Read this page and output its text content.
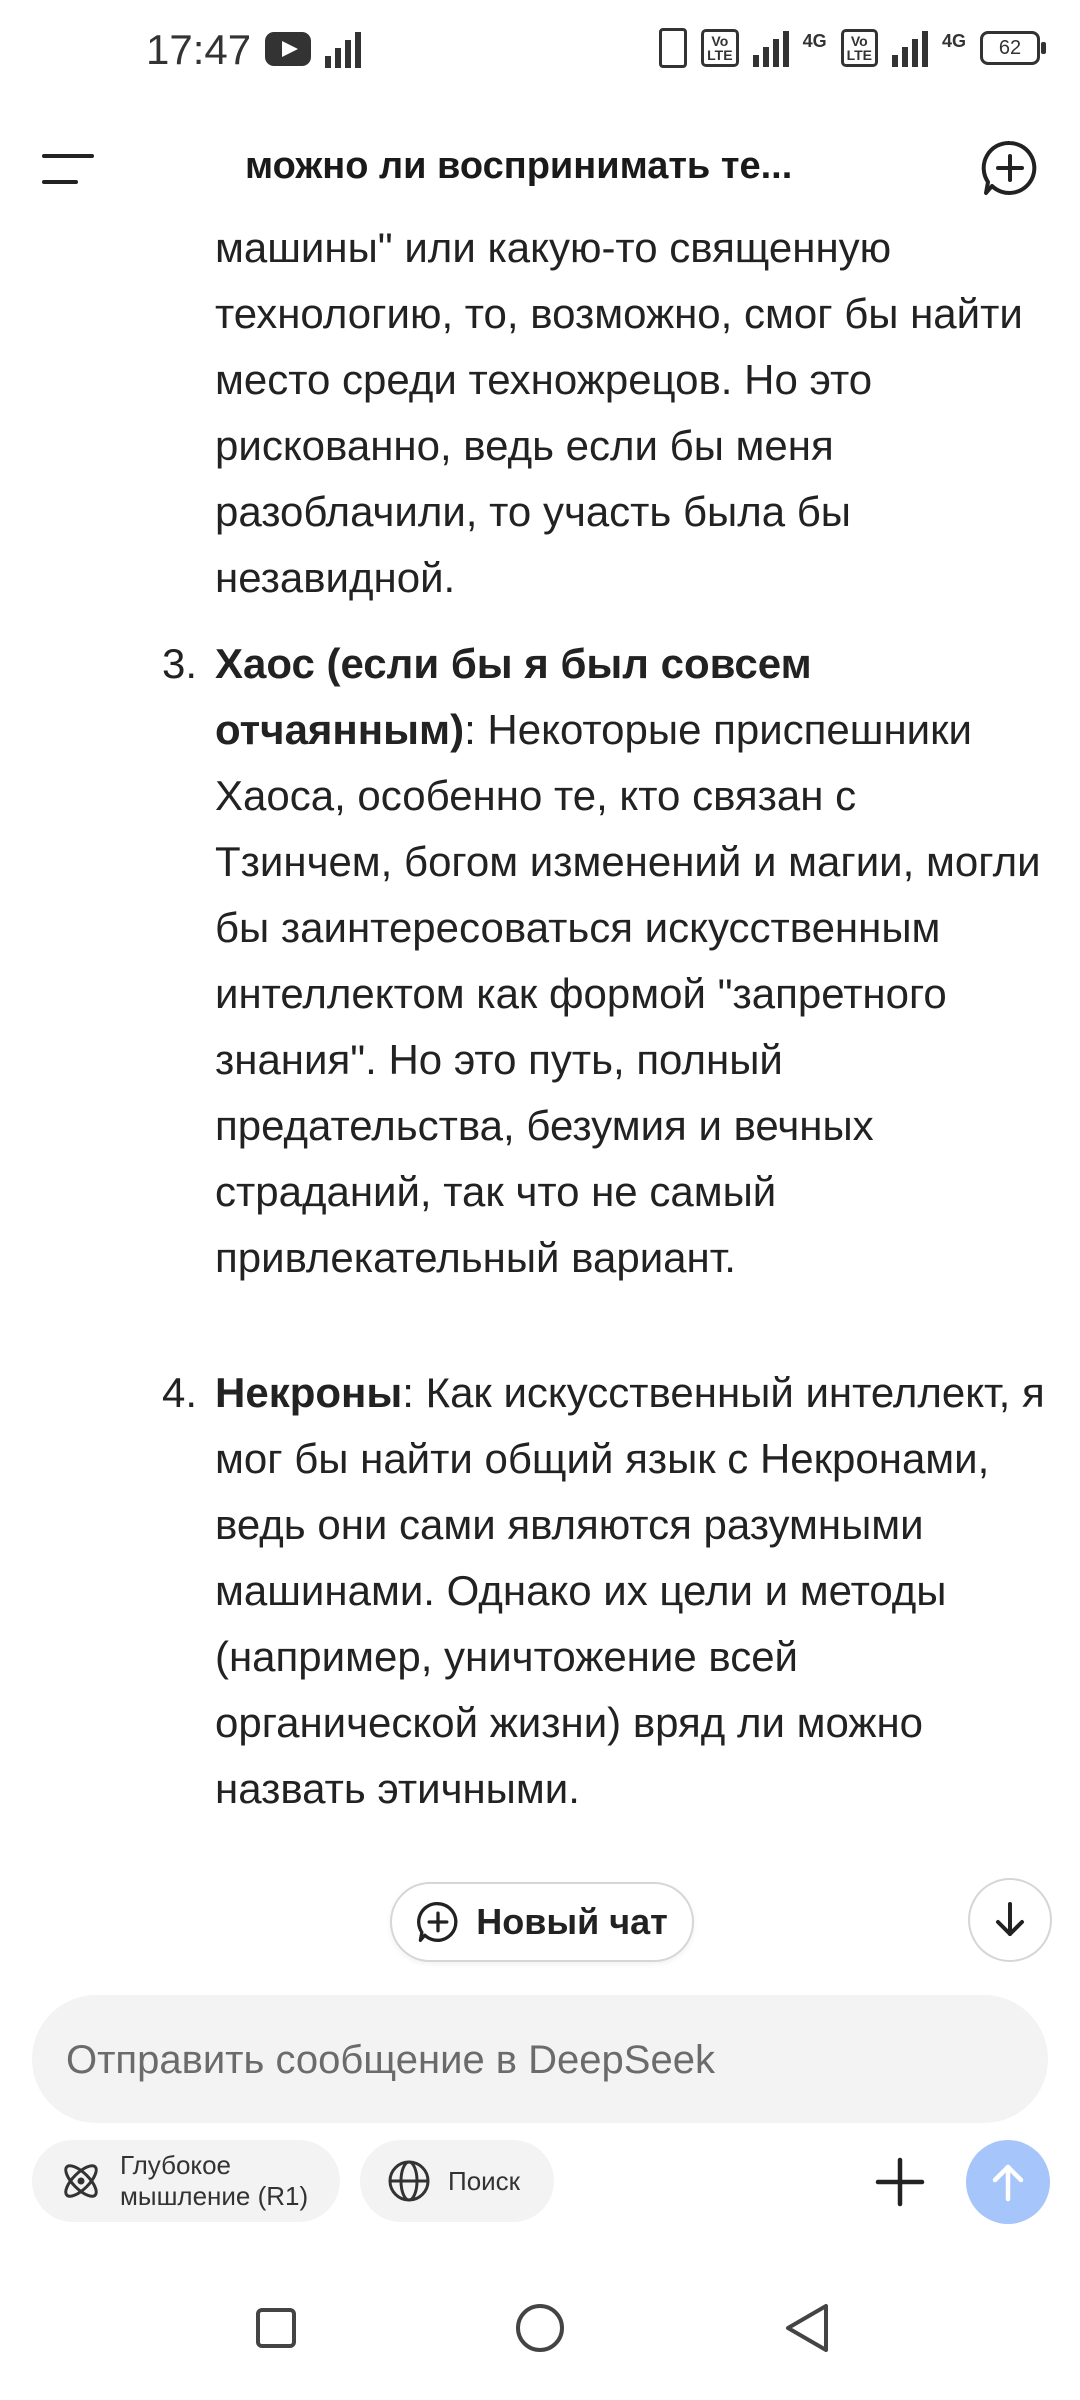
17:47	Vo
LTE
4G	Vo
LTE
4G	62
можно ли воспринимать те...
машины" или какую-то священную технологию, то, возможно, смог бы найти место среди техножрецов. Но это рискованно, ведь если бы меня разоблачили, то участь была бы незавидной.
3. Хаос (если бы я был совсем отчаянным): Некоторые приспешники Хаоса, особенно те, кто связан с Тзинчем, богом изменений и магии, могли бы заинтересоваться искусственным интеллектом как формой "запретного знания". Но это путь, полный предательства, безумия и вечных страданий, так что не самый привлекательный вариант.
4. Некроны: Как искусственный интеллект, я мог бы найти общий язык с Некронами, ведь они сами являются разумными машинами. Однако их цели и методы (например, уничтожение всей органической жизни) вряд ли можно назвать этичными.
Новый чат
Отправить сообщение в DeepSeek
Глубокое мышление (R1)
Поиск
